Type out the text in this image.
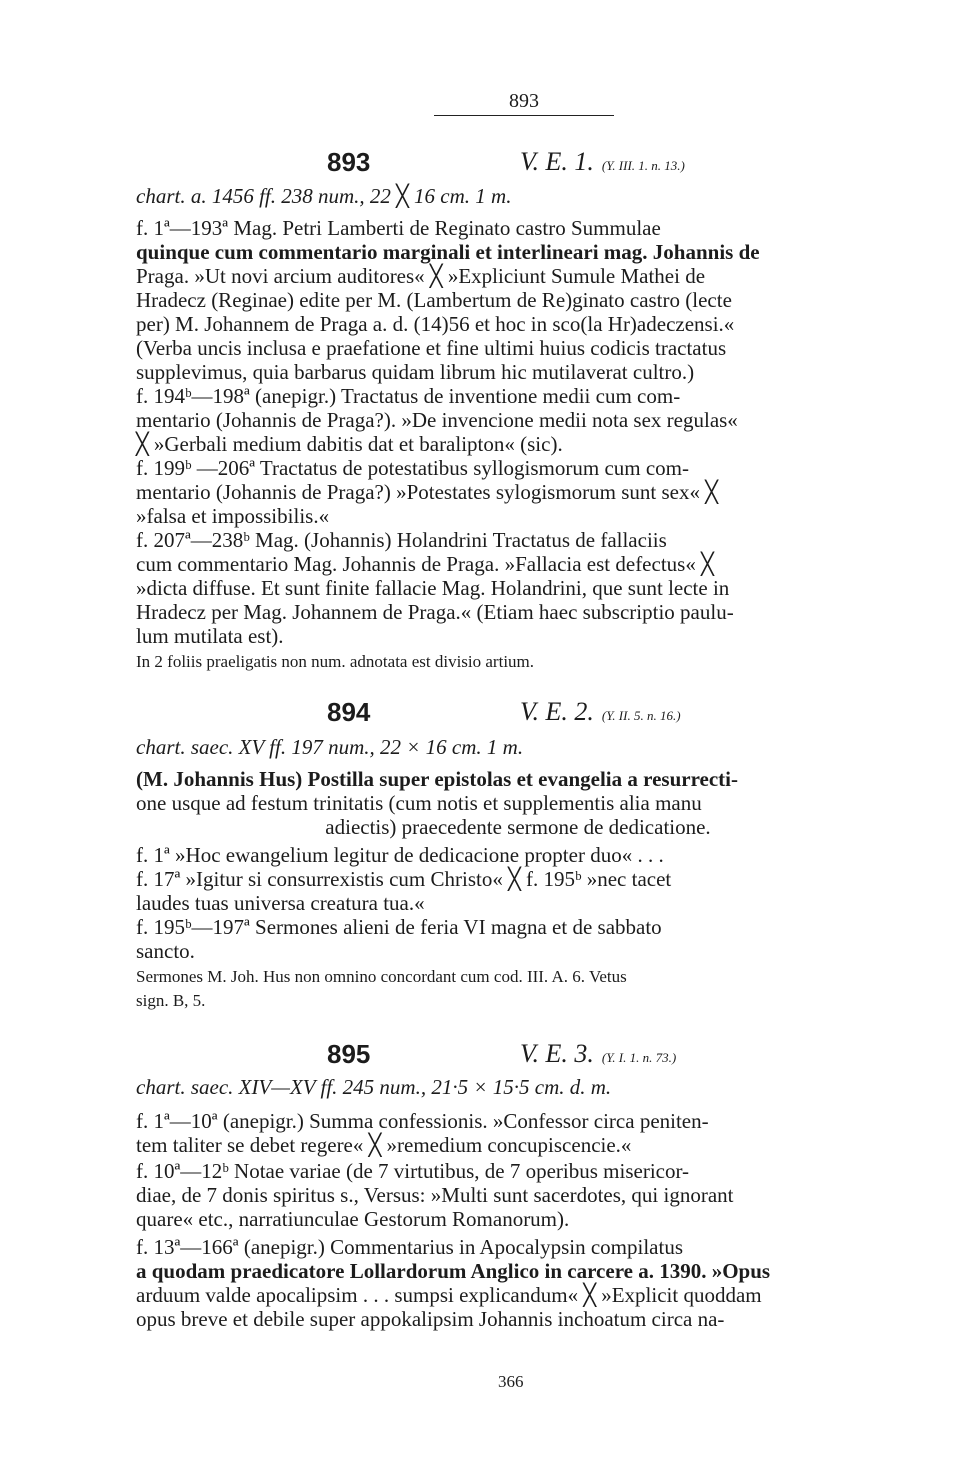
893
893	V. E. 1. (Y. III. 1. n. 13.)
chart. a. 1456 ff. 238 num., 22 ╳ 16 cm. 1 m.
f. 1ª—193ª Mag. Petri Lamberti de Reginato castro Summulae
quinque cum commentario marginali et interlineari mag. Johannis de
Praga. »Ut novi arcium auditores« ╳ »Expliciunt Sumule Mathei de
Hradecz (Reginae) edite per M. (Lambertum de Re)ginato castro (lecte
per) M. Johannem de Praga a. d. (14)56 et hoc in sco(la Hr)adeczensi.«
(Verba uncis inclusa e praefatione et fine ultimi huius codicis tractatus
supplevimus, quia barbarus quidam librum hic mutilaverat cultro.)
f. 194ᵇ—198ª (anepigr.) Tractatus de inventione medii cum com-
mentario (Johannis de Praga?). »De invencione medii nota sex regulas«
╳ »Gerbali medium dabitis dat et baralipton« (sic).
f. 199ᵇ —206ª Tractatus de potestatibus syllogismorum cum com-
mentario (Johannis de Praga?) »Potestates sylogismorum sunt sex« ╳
»falsa et impossibilis.«
f. 207ª—238ᵇ Mag. (Johannis) Holandrini Tractatus de fallaciis
cum commentario Mag. Johannis de Praga. »Fallacia est defectus« ╳
»dicta diffuse. Et sunt finite fallacie Mag. Holandrini, que sunt lecte in
Hradecz per Mag. Johannem de Praga.« (Etiam haec subscriptio paulu-
lum mutilata est).
In 2 foliis praeligatis non num. adnotata est divisio artium.
894	V. E. 2. (Y. II. 5. n. 16.)
chart. saec. XV ff. 197 num., 22 × 16 cm. 1 m.
(M. Johannis Hus) Postilla super epistolas et evangelia a resurrecti-
one usque ad festum trinitatis (cum notis et supplementis alia manu
adiectis) praecedente sermone de dedicatione.
f. 1ª »Hoc ewangelium legitur de dedicacione propter duo« . . .
f. 17ª »Igitur si consurrexistis cum Christo« ╳ f. 195ᵇ »nec tacet
laudes tuas universa creatura tua.«
f. 195ᵇ—197ª Sermones alieni de feria VI magna et de sabbato
sancto.
Sermones M. Joh. Hus non omnino concordant cum cod. III. A. 6. Vetus
sign. B, 5.
895	V. E. 3. (Y. I. 1. n. 73.)
chart. saec. XIV—XV ff. 245 num., 21·5 × 15·5 cm. d. m.
f. 1ª—10ª (anepigr.) Summa confessionis. »Confessor circa peniten-
tem taliter se debet regere« ╳ »remedium concupiscencie.«
f. 10ª—12ᵇ Notae variae (de 7 virtutibus, de 7 operibus misericor-
diae, de 7 donis spiritus s., Versus: »Multi sunt sacerdotes, qui ignorant
quare« etc., narratiunculae Gestorum Romanorum).
f. 13ª—166ª (anepigr.) Commentarius in Apocalypsin compilatus
a quodam praedicatore Lollardorum Anglico in carcere a. 1390. »Opus
arduum valde apocalipsim . . . sumpsi explicandum« ╳ »Explicit quoddam
opus breve et debile super appokalipsim Johannis inchoatum circa na-
366
